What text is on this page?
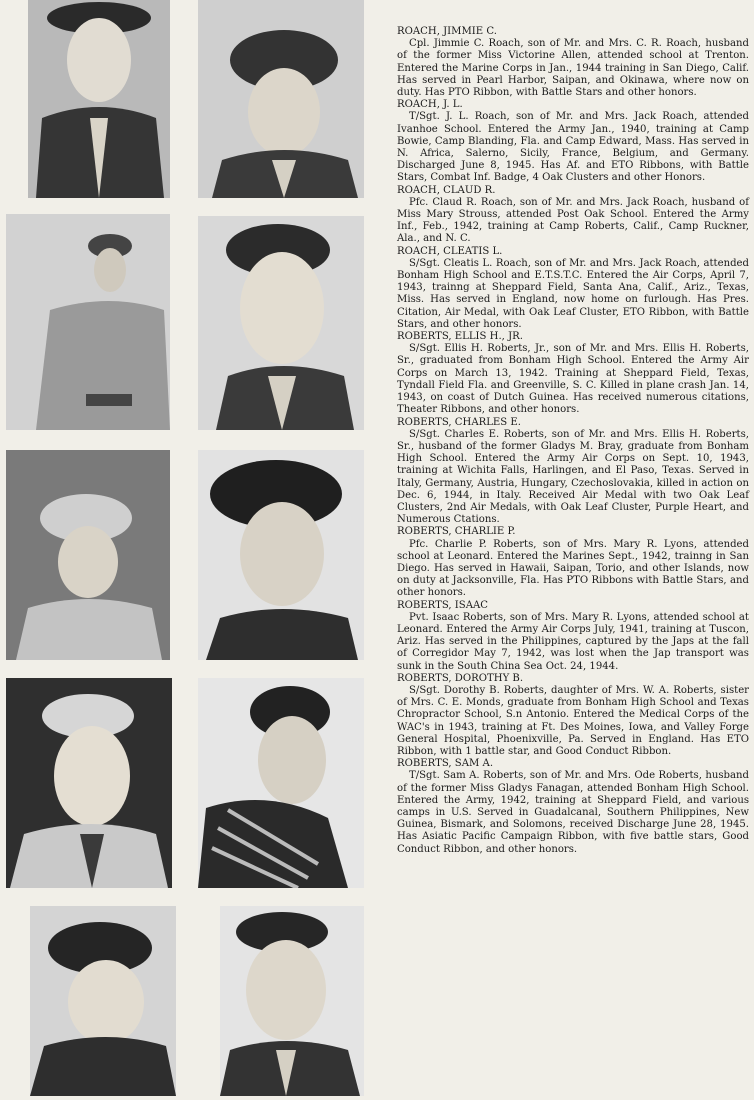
ROACH, JIMMIE C.
Cpl. Jimmie C. Roach, son of Mr. and Mrs. C. R. Roach, husband of the former Miss Victorine Allen, attended school at Trenton. Entered the Marine Corps in Jan., 1944 training in San Diego, Calif. Has served in Pearl Harbor, Saipan, and Okinawa, where now on duty. Has PTO Ribbon, with Battle Stars and other honors.
ROACH, J. L.
T/Sgt. J. L. Roach, son of Mr. and Mrs. Jack Roach, attended Ivanhoe School. Entered the Army Jan., 1940, training at Camp Bowie, Camp Blanding, Fla. and Camp Edward, Mass. Has served in N. Africa, Salerno, Sicily, France, Belgium, and Germany. Discharged June 8, 1945. Has Af. and ETO Ribbons, with Battle Stars, Combat Inf. Badge, 4 Oak Clusters and other Honors.
ROACH, CLAUD R.
Pfc. Claud R. Roach, son of Mr. and Mrs. Jack Roach, husband of Miss Mary Strouss, attended Post Oak School. Entered the Army Inf., Feb., 1942, training at Camp Roberts, Calif., Camp Ruckner, Ala., and N. C.
ROACH, CLEATIS L.
S/Sgt. Cleatis L. Roach, son of Mr. and Mrs. Jack Roach, attended Bonham High School and E.T.S.T.C. Entered the Air Corps, April 7, 1943, trainng at Sheppard Field, Santa Ana, Calif., Ariz., Texas, Miss. Has served in England, now home on furlough. Has Pres. Citation, Air Medal, with Oak Leaf Cluster, ETO Ribbon, with Battle Stars, and other honors.
ROBERTS, ELLIS H., JR.
S/Sgt. Ellis H. Roberts, Jr., son of Mr. and Mrs. Ellis H. Roberts, Sr., graduated from Bonham High School. Entered the Army Air Corps on March 13, 1942. Training at Sheppard Field, Texas, Tyndall Field Fla. and Greenville, S. C. Killed in plane crash Jan. 14, 1943, on coast of Dutch Guinea. Has received numerous citations, Theater Ribbons, and other honors.
ROBERTS, CHARLES E.
S/Sgt. Charles E. Roberts, son of Mr. and Mrs. Ellis H. Roberts, Sr., husband of the former Gladys M. Bray, graduate from Bonham High School. Entered the Army Air Corps on Sept. 10, 1943, training at Wichita Falls, Harlingen, and El Paso, Texas. Served in Italy, Germany, Austria, Hungary, Czechoslovakia, killed in action on Dec. 6, 1944, in Italy. Received Air Medal with two Oak Leaf Clusters, 2nd Air Medals, with Oak Leaf Cluster, Purple Heart, and Numerous Ctations.
ROBERTS, CHARLIE P.
Pfc. Charlie P. Roberts, son of Mrs. Mary R. Lyons, attended school at Leonard. Entered the Marines Sept., 1942, trainng in San Diego. Has served in Hawaii, Saipan, Torio, and other Islands, now on duty at Jacksonville, Fla. Has PTO Ribbons with Battle Stars, and other honors.
ROBERTS, ISAAC
Pvt. Isaac Roberts, son of Mrs. Mary R. Lyons, attended school at Leonard. Entered the Army Air Corps July, 1941, training at Tuscon, Ariz. Has served in the Philippines, captured by the Japs at the fall of Corregidor May 7, 1942, was lost when the Jap transport was sunk in the South China Sea Oct. 24, 1944.
ROBERTS, DOROTHY B.
S/Sgt. Dorothy B. Roberts, daughter of Mrs. W. A. Roberts, sister of Mrs. C. E. Monds, graduate from Bonham High School and Texas Chropractor School, S.n Antonio. Entered the Medical Corps of the WAC's in 1943, training at Ft. Des Moines, Iowa, and Valley Forge General Hospital, Phoenixville, Pa. Served in England. Has ETO Ribbon, with 1 battle star, and Good Conduct Ribbon.
ROBERTS, SAM A.
T/Sgt. Sam A. Roberts, son of Mr. and Mrs. Ode Roberts, husband of the former Miss Gladys Fanagan, attended Bonham High School. Entered the Army, 1942, training at Sheppard Field, and various camps in U.S. Served in Guadalcanal, Southern Philippines, New Guinea, Bismark, and Solomons, received Discharge June 28, 1945. Has Asiatic Pacific Campaign Ribbon, with five battle stars, Good Conduct Ribbon, and other honors.
